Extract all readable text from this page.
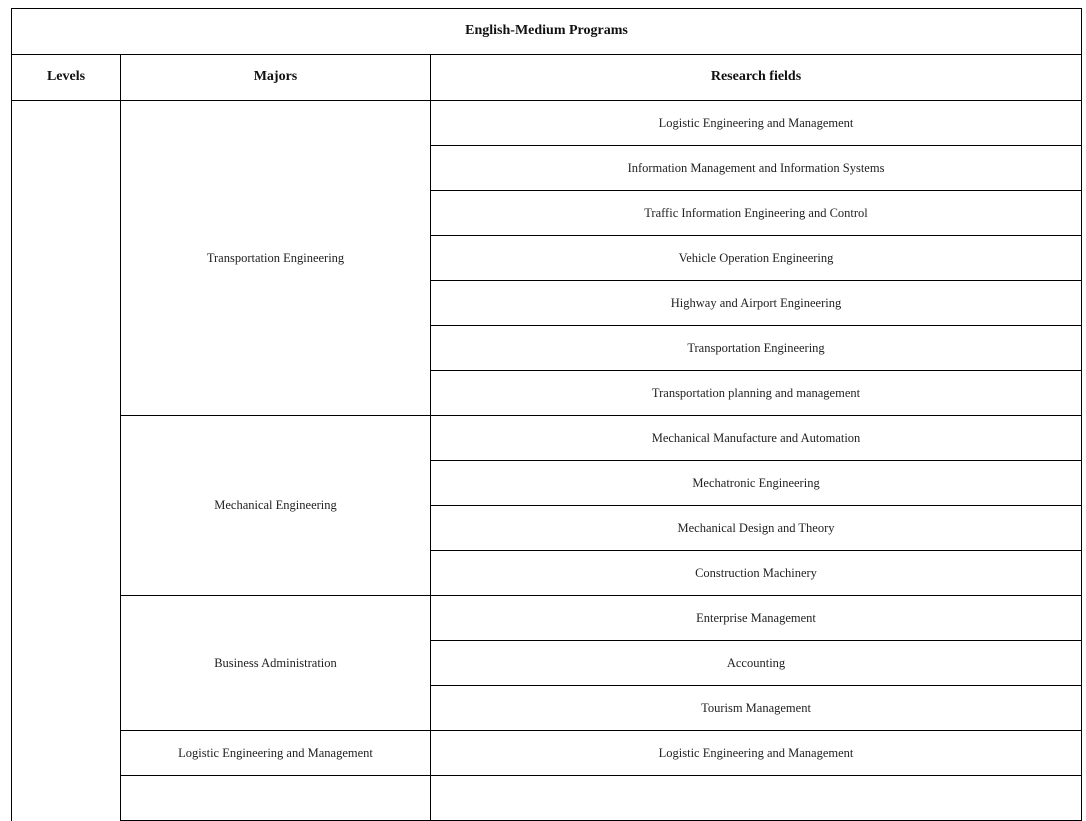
English-Medium Programs		
Levels	Majors	Research fields
	Transportation Engineering	Logistic Engineering and Management
		Information Management and Information Systems
		Traffic Information Engineering and Control
		Vehicle Operation Engineering
		Highway and Airport Engineering
		Transportation Engineering
		Transportation planning and management
	Mechanical Engineering	Mechanical Manufacture and Automation
		Mechatronic Engineering
		Mechanical Design and Theory
		Construction Machinery
	Business Administration	Enterprise Management
		Accounting
		Tourism Management
	Logistic Engineering and Management	Logistic Engineering and Management
